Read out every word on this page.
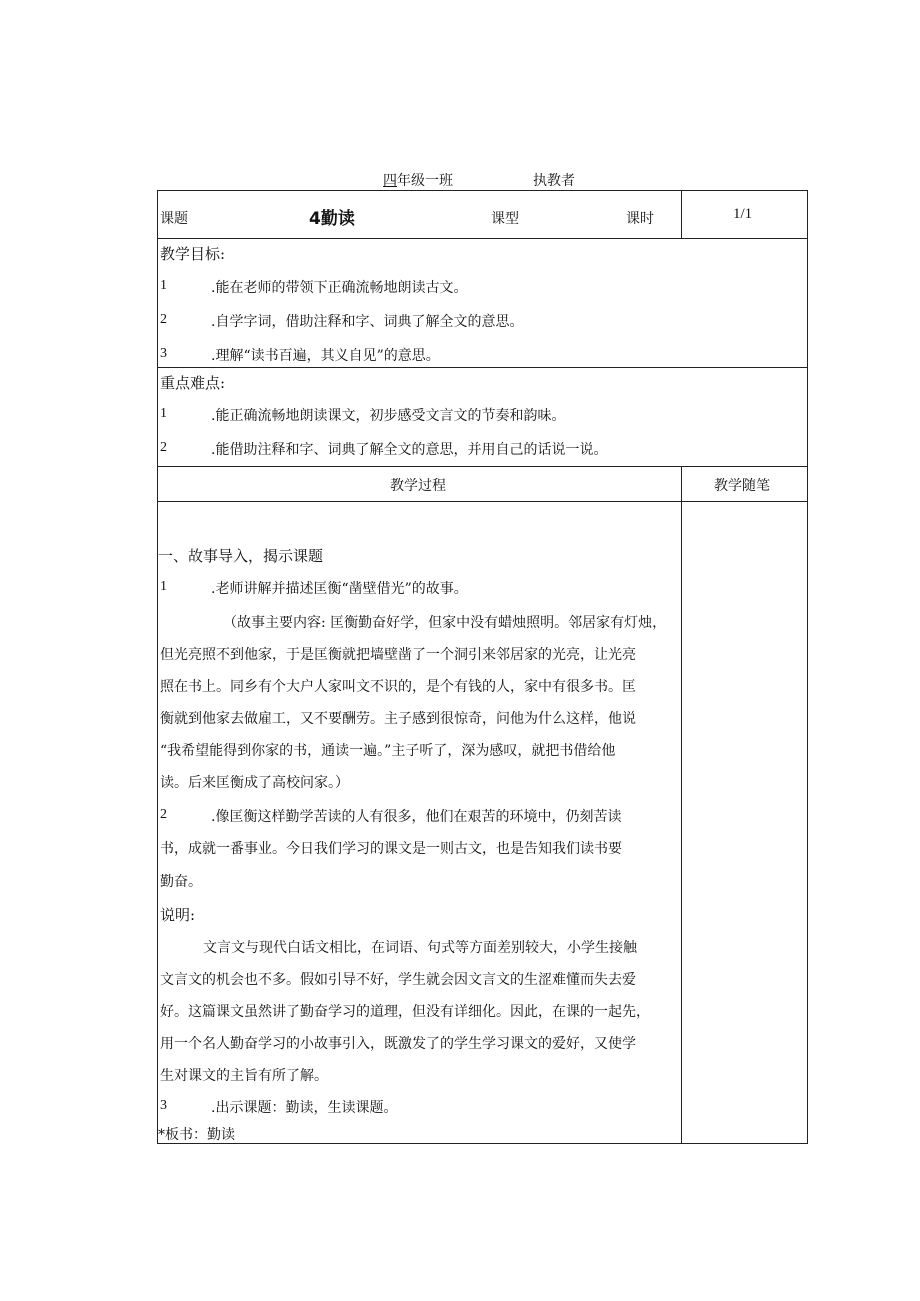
四年级一班	执教者
课题	4勤读	课型	课时	1/1
教学目标:
1	.能在老师的带领下正确流畅地朗读古文。
2	.自学字词，借助注释和字、词典了解全文的意思。
3	.理解“读书百遍，其义自见”的意思。
重点难点:
1	.能正确流畅地朗读课文，初步感受文言文的节奏和韵味。
2	.能借助注释和字、词典了解全文的意思，并用自己的话说一说。
教学过程	教学随笔
一、故事导入，揭示课题
1	.老师讲解并描述匡衡“凿壁借光”的故事。
（故事主要内容: 匡衡勤奋好学，但家中没有蜡烛照明。邻居家有灯烛，
但光亮照不到他家，于是匡衡就把墙壁凿了一个洞引来邻居家的光亮，让光亮
照在书上。同乡有个大户人家叫文不识的，是个有钱的人，家中有很多书。匡
衡就到他家去做雇工，又不要酬劳。主子感到很惊奇，问他为什么这样，他说
“我希望能得到你家的书，通读一遍。”主子听了，深为感叹，就把书借给他
读。后来匡衡成了高校问家。）
2	.像匡衡这样勤学苦读的人有很多，他们在艰苦的环境中，仍刻苦读
书，成就一番事业。今日我们学习的课文是一则古文，也是告知我们读书要
勤奋。
说明:
文言文与现代白话文相比，在词语、句式等方面差别较大，小学生接触
文言文的机会也不多。假如引导不好，学生就会因文言文的生涩难懂而失去爱
好。这篇课文虽然讲了勤奋学习的道理，但没有详细化。因此，在课的一起先，
用一个名人勤奋学习的小故事引入，既激发了的学生学习课文的爱好，又使学
生对课文的主旨有所了解。
3	.出示课题：勤读，生读课题。
*板书：勤读
